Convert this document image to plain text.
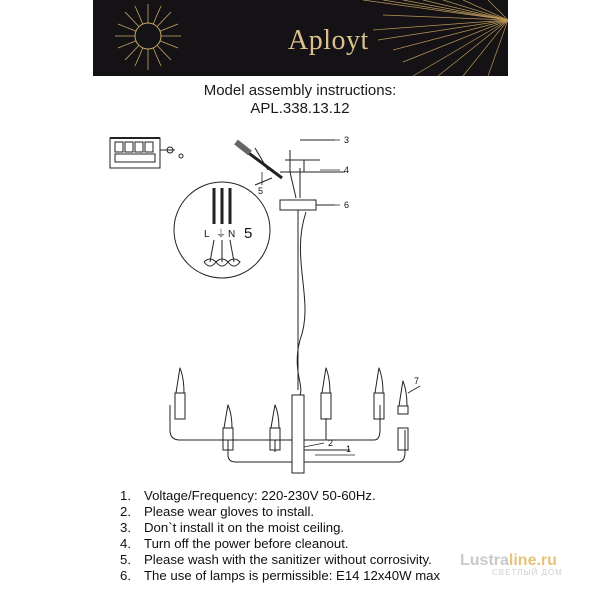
Aployt
Model assembly instructions:
APL.338.13.12
3
4
6
2
1
7
5
L ⏚ N 5
1. Voltage/Frequency: 220-230V 50-60Hz.
2. Please wear gloves to install.
3. Don`t install it on the moist ceiling.
4. Turn off the power before cleanout.
5. Please wash with the sanitizer without corrosivity.
6. The use of lamps is permissible: E14 12x40W max
Lustraline.ru
СВЕТЛЫЙ ДОМ
